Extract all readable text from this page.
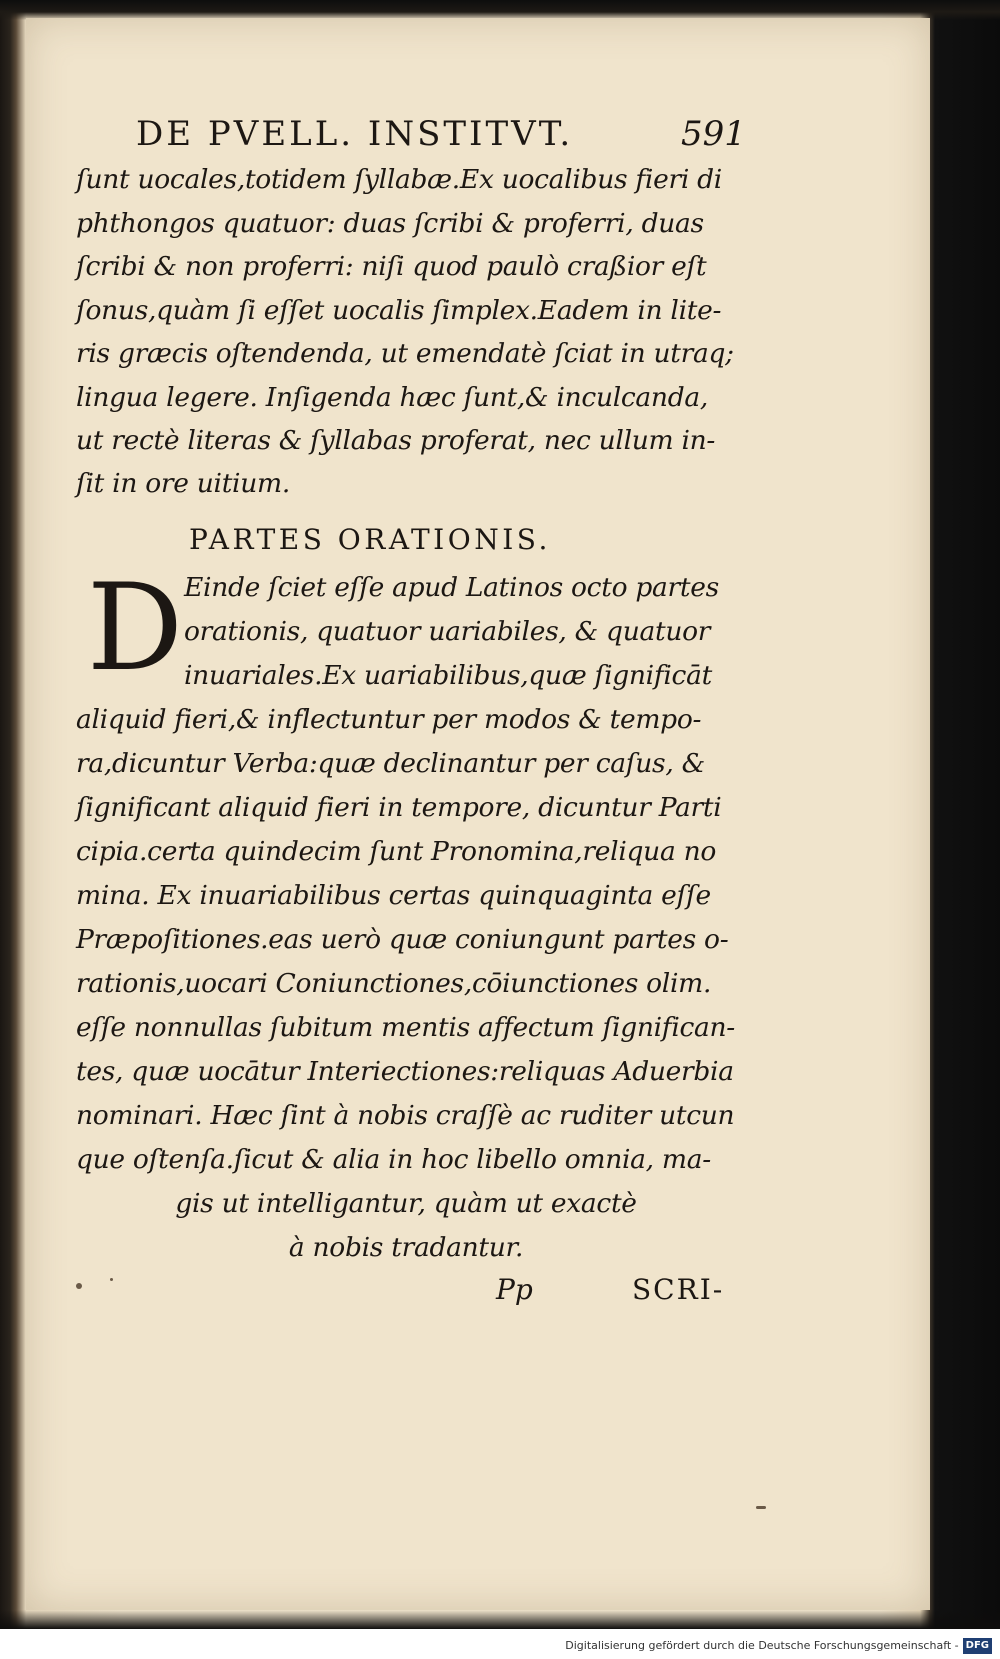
DE PVELL. INSTITVT.	591
ſunt uocales,totidem ſyllabæ.Ex uocalibus fieri di
phthongos quatuor: duas ſcribi & proferri, duas
ſcribi & non proferri: niſi quod paulò craßior eſt
ſonus,quàm ſi eſſet uocalis ſimplex.Eadem in lite-
ris græcis oſtendenda, ut emendatè ſciat in utraq;
lingua legere. Inſigenda hæc ſunt,& inculcanda,
ut rectè literas & ſyllabas proferat, nec ullum in-
ſit in ore uitium.
PARTES ORATIONIS.
D Einde ſciet eſſe apud Latinos octo partes
orationis, quatuor uariabiles, & quatuor
inuariales.Ex uariabilibus,quæ ſignificāt
aliquid fieri,& inflectuntur per modos & tempo-
ra,dicuntur Verba:quæ declinantur per caſus, &
ſignificant aliquid fieri in tempore, dicuntur Parti
cipia.certa quindecim ſunt Pronomina,reliqua no
mina. Ex inuariabilibus certas quinquaginta eſſe
Præpoſitiones.eas uerò quæ coniungunt partes o-
rationis,uocari Coniunctiones,cōiunctiones olim.
eſſe nonnullas ſubitum mentis affectum ſignifican-
tes, quæ uocātur Interiectiones:reliquas Aduerbia
nominari. Hæc ſint à nobis craſſè ac ruditer utcun
que oſtenſa.ſicut & alia in hoc libello omnia, ma-
gis ut intelligantur, quàm ut exactè
à nobis tradantur.
Pp	SCRI-
Digitalisierung gefördert durch die Deutsche Forschungsgemeinschaft - DFG
